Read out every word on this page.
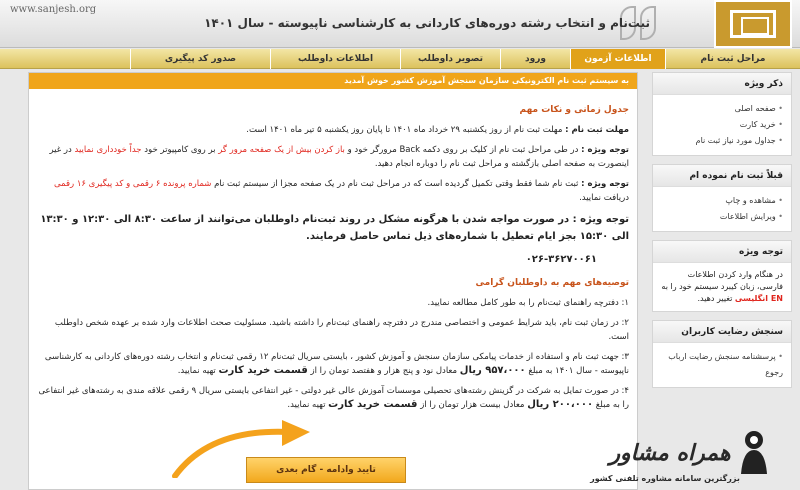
www.sanjesh.org
ثبت‌نام و انتخاب رشته دوره‌های کاردانی به کارشناسی ناپیوسته - سال ۱۴۰۱
مراحل ثبت نام
اطلاعات آزمون
ورود
تصویر داوطلب
اطلاعات داوطلب
صدور کد پیگیری
به سیستم ثبت نام الکترونیکی سازمان سنجش آموزش کشور خوش آمدید
جدول زمانی و نکات مهم
مهلت ثبت نام : مهلت ثبت نام از روز یکشنبه ۲۹ خرداد ماه ۱۴۰۱ تا پایان روز یکشنبه ۵ تیر ماه ۱۴۰۱ است.
توجه ویژه : در طی مراحل ثبت نام از کلیک بر روی دکمه Back مرورگر خود و باز کردن بیش از یک صفحه مرور گر بر روی کامپیوتر خود جداً خودداری نمایید در غیر اینصورت به صفحه اصلی بازگشته و مراحل ثبت نام را دوباره انجام دهید.
توجه ویژه : ثبت نام شما فقط وقتی تکمیل گردیده است که در مراحل ثبت نام در یک صفحه مجزا از سیستم ثبت نام شماره پرونده ۶ رقمی و کد پیگیری ۱۶ رقمی دریافت نمایید.
توجه ویژه : در صورت مواجه شدن با هرگونه مشکل در روند ثبت‌نام داوطلبان می‌توانند از ساعت ۸:۳۰ الی ۱۲:۳۰ و ۱۳:۳۰ الی ۱۵:۳۰ بجز ایام تعطیل با شماره‌های ذیل تماس حاصل فرمایند.
۰۲۶-۳۶۲۷۰۰۶۱
توصیه‌های مهم به داوطلبان گرامی
۱: دفترچه راهنمای ثبت‌نام را به طور کامل مطالعه نمایید.
۲: در زمان ثبت نام، باید شرایط عمومی و اختصاصی مندرج در دفترچه راهنمای ثبت‌نام را داشته باشید. مسئولیت صحت اطلاعات وارد شده بر عهده شخص داوطلب است.
۳: جهت ثبت نام و استفاده از خدمات پیامکی سازمان سنجش و آموزش کشور ، بایستی سریال ثبت‌نام ۱۲ رقمی ثبت‌نام و انتخاب رشته دوره‌های کاردانی به کارشناسی ناپیوسته - سال ۱۴۰۱ به مبلغ ۹۵۷،۰۰۰ ریال معادل نود و پنج هزار و هفتصد تومان را از قسمت خرید کارت تهیه نمایید.
۴: در صورت تمایل به شرکت در گزینش رشته‌های تحصیلی موسسات آموزش عالی غیر دولتی - غیر انتفاعی بایستی سریال ۹ رقمی علاقه مندی به رشته‌های غیر انتفاعی را به مبلغ ۲۰۰،۰۰۰ ریال معادل بیست هزار تومان را از قسمت خرید کارت تهیه نمایید.
تایید وادامه - گام بعدی
ذکر ویژه
• صفحه اصلی
• خرید کارت
• جداول مورد نیاز ثبت نام
قبلاً ثبت نام نموده ام
• مشاهده و چاپ
• ویرایش اطلاعات
توجه ویژه
در هنگام وارد کردن اطلاعات فارسی، زبان کیبرد سیستم خود را به EN انگلیسی تغییر دهید.
سنجش رضایت کاربران
• پرسشنامه سنجش رضایت ارباب رجوع
همراه مشاور
بزرگترین سامانه مشاوره تلفنی کشور
